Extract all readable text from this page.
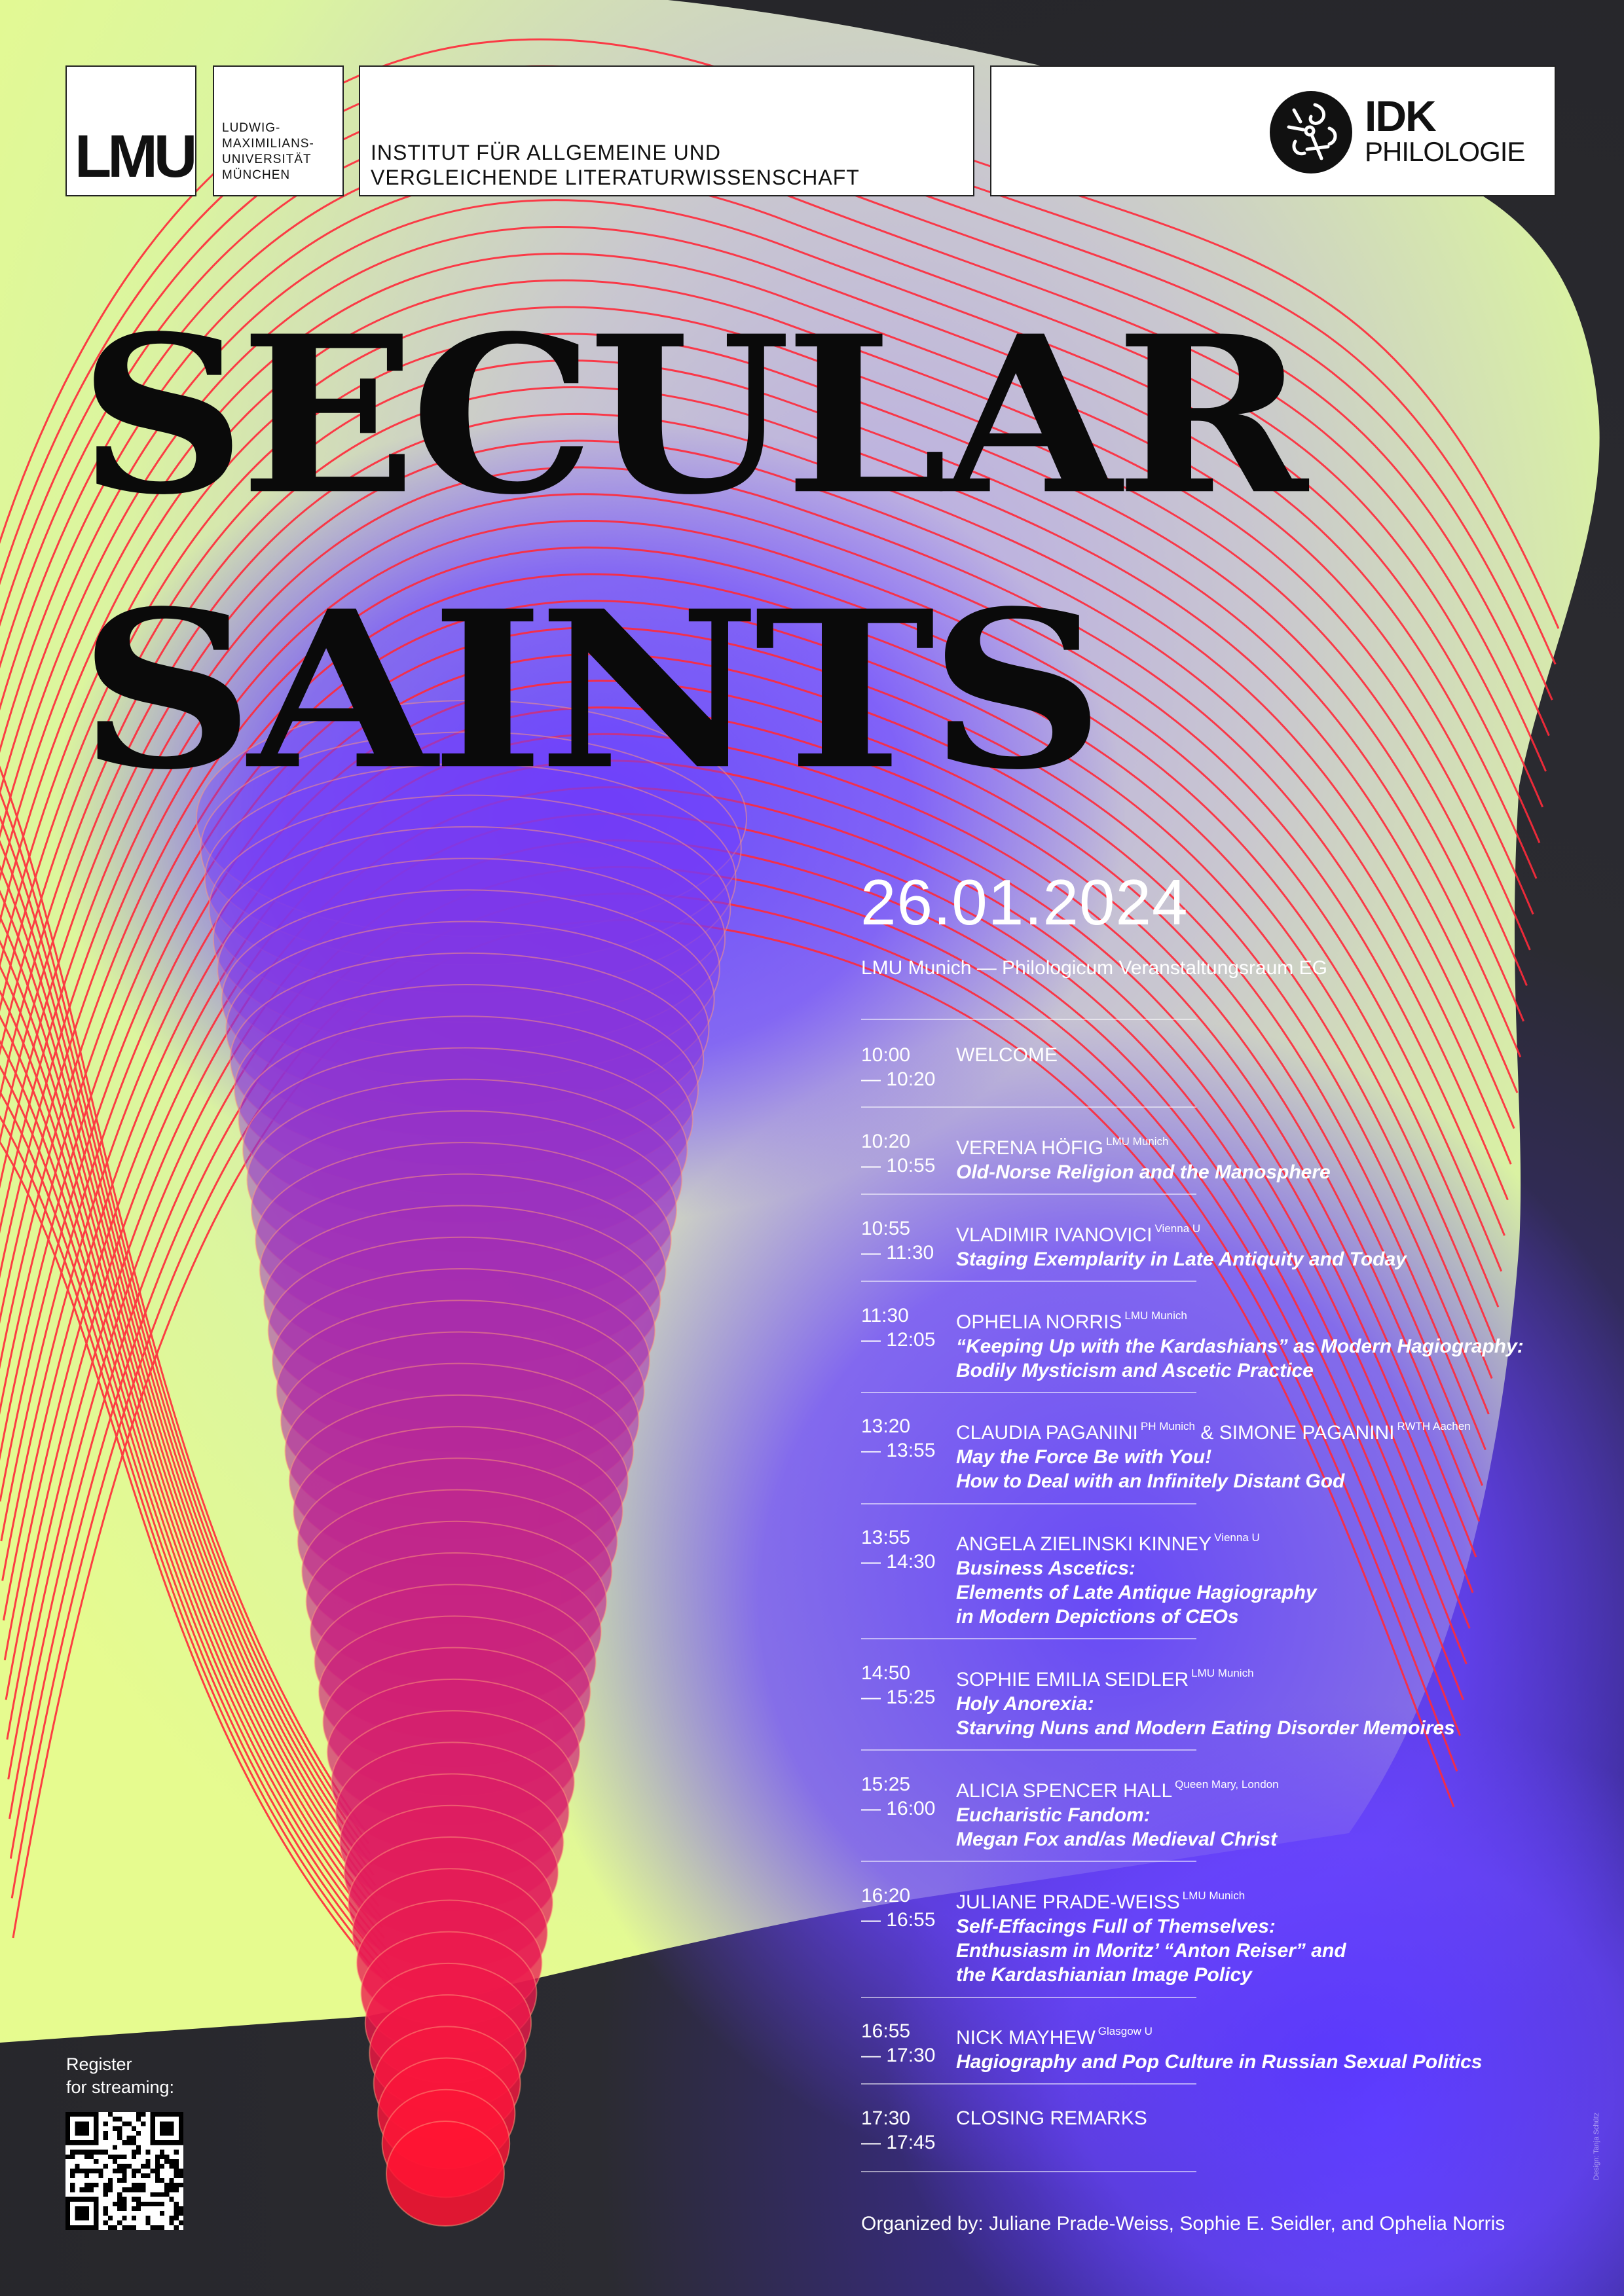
LMU LUDWIG-
MAXIMILIANS-
UNIVERSITÄT
MÜNCHEN
INSTITUT FÜR ALLGEMEINE UND
VERGLEICHENDE LITERATURWISSENSCHAFT
IDK
PHILOLOGIE
SECULAR
SAINTS
26.01.2024
LMU Munich — Philologicum Veranstaltungsraum EG
10:00
— 10:20
WELCOME
10:20
— 10:55
VERENA HÖFIG $^{LMU Munich}$
Old-Norse Religion and the Manosphere
10:55
— 11:30
VLADIMIR IVANOVICI $^{Vienna U}$
Staging Exemplarity in Late Antiquity and Today
11:30
— 12:05
OPHELIA NORRIS $^{LMU Munich}$
“Keeping Up with the Kardashians” as Modern Hagiography:
Bodily Mysticism and Ascetic Practice
13:20
— 13:55
CLAUDIA PAGANINI $^{PH Munich}$ & SIMONE PAGANINI $^{RWTH Aachen}$
May the Force Be with You!
How to Deal with an Infinitely Distant God
13:55
— 14:30
ANGELA ZIELINSKI KINNEY $^{Vienna U}$
Business Ascetics:
Elements of Late Antique Hagiography
in Modern Depictions of CEOs
14:50
— 15:25
SOPHIE EMILIA SEIDLER $^{LMU Munich}$
Holy Anorexia:
Starving Nuns and Modern Eating Disorder Memoires
15:25
— 16:00
ALICIA SPENCER HALL $^{Queen Mary, London}$
Eucharistic Fandom:
Megan Fox and/as Medieval Christ
16:20
— 16:55
JULIANE PRADE-WEISS $^{LMU Munich}$
Self-Effacings Full of Themselves:
Enthusiasm in Moritz’ “Anton Reiser” and
the Kardashianian Image Policy
16:55
— 17:30
NICK MAYHEW $^{Glasgow U}$
Hagiography and Pop Culture in Russian Sexual Politics
17:30
— 17:45
CLOSING REMARKS
Register
for streaming:
Organized by: Juliane Prade-Weiss, Sophie E. Seidler, and Ophelia Norris
Design: Tanja Schütz
